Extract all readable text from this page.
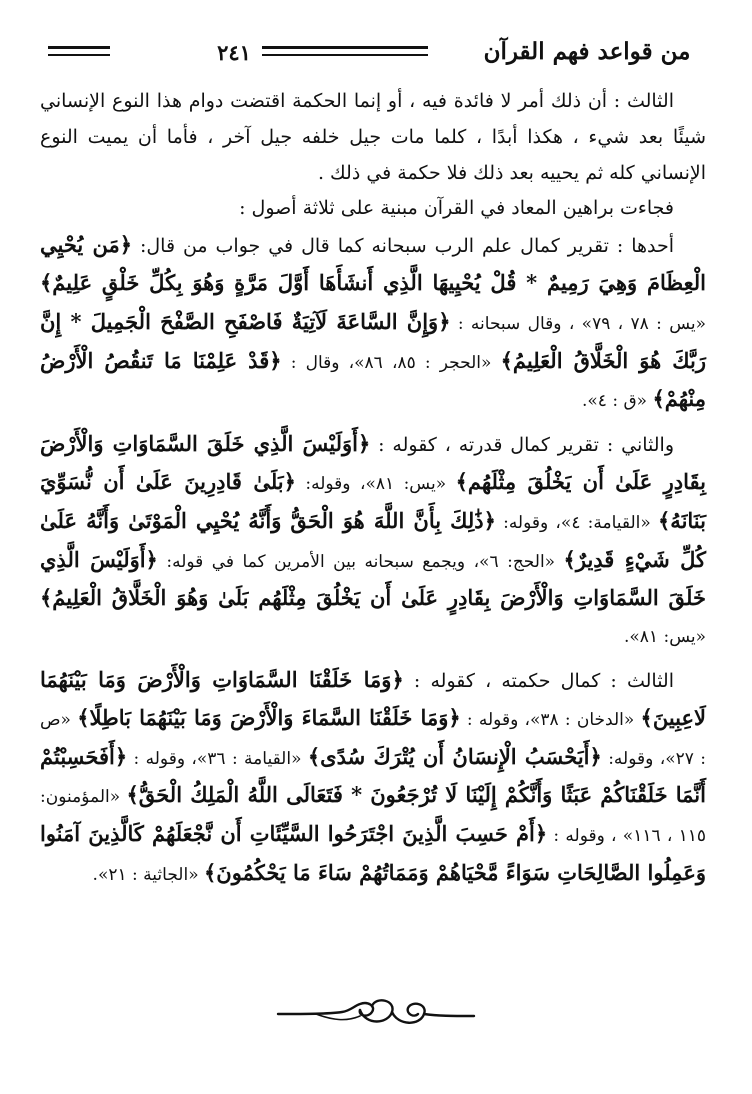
٢٤١	من قواعد فهم القرآن

الثالث : أن ذلك أمر لا فائدة فيه ، أو إنما الحكمة اقتضت دوام هذا النوع الإنساني شيئًا بعد شيء ، هكذا أبدًا ، كلما مات جيل خلفه جيل آخر ، فأما أن يميت النوع الإنساني كله ثم يحييه بعد ذلك فلا حكمة في ذلك .

فجاءت براهين المعاد في القرآن مبنية على ثلاثة أصول :

أحدها : تقرير كمال علم الرب سبحانه كما قال في جواب من قال: ﴿مَن يُحْيِي الْعِظَامَ وَهِيَ رَمِيمٌ * قُلْ يُحْيِيهَا الَّذِي أَنشَأَهَا أَوَّلَ مَرَّةٍ وَهُوَ بِكُلِّ خَلْقٍ عَلِيمٌ﴾ «يس : ٧٨ ، ٧٩» ، وقال سبحانه : ﴿وَإِنَّ السَّاعَةَ لَآتِيَةٌ فَاصْفَحِ الصَّفْحَ الْجَمِيلَ * إِنَّ رَبَّكَ هُوَ الْخَلَّاقُ الْعَلِيمُ﴾ «الحجر : ٨٥، ٨٦»، وقال : ﴿قَدْ عَلِمْنَا مَا تَنقُصُ الْأَرْضُ مِنْهُمْ﴾ «ق : ٤».

والثاني : تقرير كمال قدرته ، كقوله : ﴿أَوَلَيْسَ الَّذِي خَلَقَ السَّمَاوَاتِ وَالْأَرْضَ بِقَادِرٍ عَلَىٰ أَن يَخْلُقَ مِثْلَهُم﴾ «يس: ٨١»، وقوله: ﴿بَلَىٰ قَادِرِينَ عَلَىٰ أَن نُّسَوِّيَ بَنَانَهُ﴾ «القيامة: ٤»، وقوله: ﴿ذَٰلِكَ بِأَنَّ اللَّهَ هُوَ الْحَقُّ وَأَنَّهُ يُحْيِي الْمَوْتَىٰ وَأَنَّهُ عَلَىٰ كُلِّ شَيْءٍ قَدِيرٌ﴾ «الحج: ٦»، ويجمع سبحانه بين الأمرين كما في قوله: ﴿أَوَلَيْسَ الَّذِي خَلَقَ السَّمَاوَاتِ وَالْأَرْضَ بِقَادِرٍ عَلَىٰ أَن يَخْلُقَ مِثْلَهُم بَلَىٰ وَهُوَ الْخَلَّاقُ الْعَلِيمُ﴾ «يس: ٨١».

الثالث : كمال حكمته ، كقوله : ﴿وَمَا خَلَقْنَا السَّمَاوَاتِ وَالْأَرْضَ وَمَا بَيْنَهُمَا لَاعِبِينَ﴾ «الدخان : ٣٨»، وقوله : ﴿وَمَا خَلَقْنَا السَّمَاءَ وَالْأَرْضَ وَمَا بَيْنَهُمَا بَاطِلًا﴾ «ص : ٢٧»، وقوله: ﴿أَيَحْسَبُ الْإِنسَانُ أَن يُتْرَكَ سُدًى﴾ «القيامة : ٣٦»، وقوله : ﴿أَفَحَسِبْتُمْ أَنَّمَا خَلَقْنَاكُمْ عَبَثًا وَأَنَّكُمْ إِلَيْنَا لَا تُرْجَعُونَ * فَتَعَالَى اللَّهُ الْمَلِكُ الْحَقُّ﴾ «المؤمنون: ١١٥ ، ١١٦» ، وقوله : ﴿أَمْ حَسِبَ الَّذِينَ اجْتَرَحُوا السَّيِّئَاتِ أَن نَّجْعَلَهُمْ كَالَّذِينَ آمَنُوا وَعَمِلُوا الصَّالِحَاتِ سَوَاءً مَّحْيَاهُمْ وَمَمَاتُهُمْ سَاءَ مَا يَحْكُمُونَ﴾ «الجاثية : ٢١».
